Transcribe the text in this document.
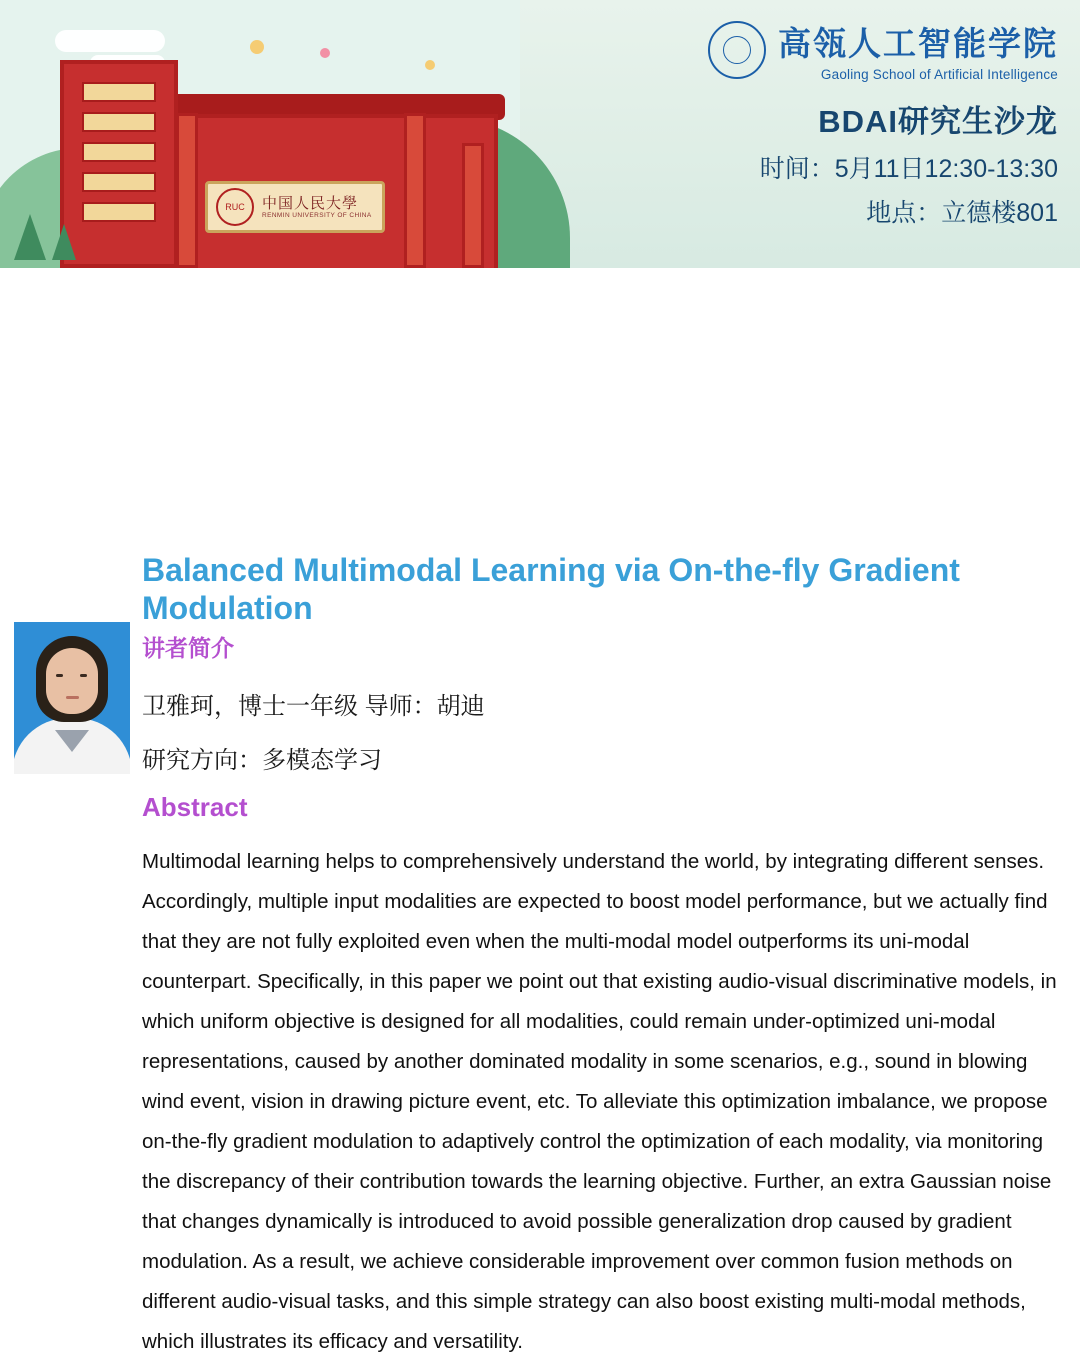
RUC	中国人民大學
RENMIN UNIVERSITY OF CHINA
高瓴人工智能学院
Gaoling School of Artificial Intelligence
BDAI研究生沙龙
时间：5月11日12:30-13:30
地点：立德楼801
Balanced Multimodal Learning via On-the-fly Gradient Modulation
讲者简介
卫雅珂，博士一年级 导师：胡迪
研究方向：多模态学习
Abstract
Multimodal learning helps to comprehensively understand the world, by integrating different senses. Accordingly, multiple input modalities are expected to boost model performance, but we actually find that they are not fully exploited even when the multi-modal model outperforms its uni-modal counterpart. Specifically, in this paper we point out that existing audio-visual discriminative models, in which uniform objective is designed for all modalities, could remain under-optimized uni-modal representations, caused by another dominated modality in some scenarios, e.g., sound in blowing wind event, vision in drawing picture event, etc. To alleviate this optimization imbalance, we propose on-the-fly gradient modulation to adaptively control the optimization of each modality, via monitoring the discrepancy of their contribution towards the learning objective. Further, an extra Gaussian noise that changes dynamically is introduced to avoid possible generalization drop caused by gradient modulation. As a result, we achieve considerable improvement over common fusion methods on different audio-visual tasks, and this simple strategy can also boost existing multi-modal methods, which illustrates its efficacy and versatility.
